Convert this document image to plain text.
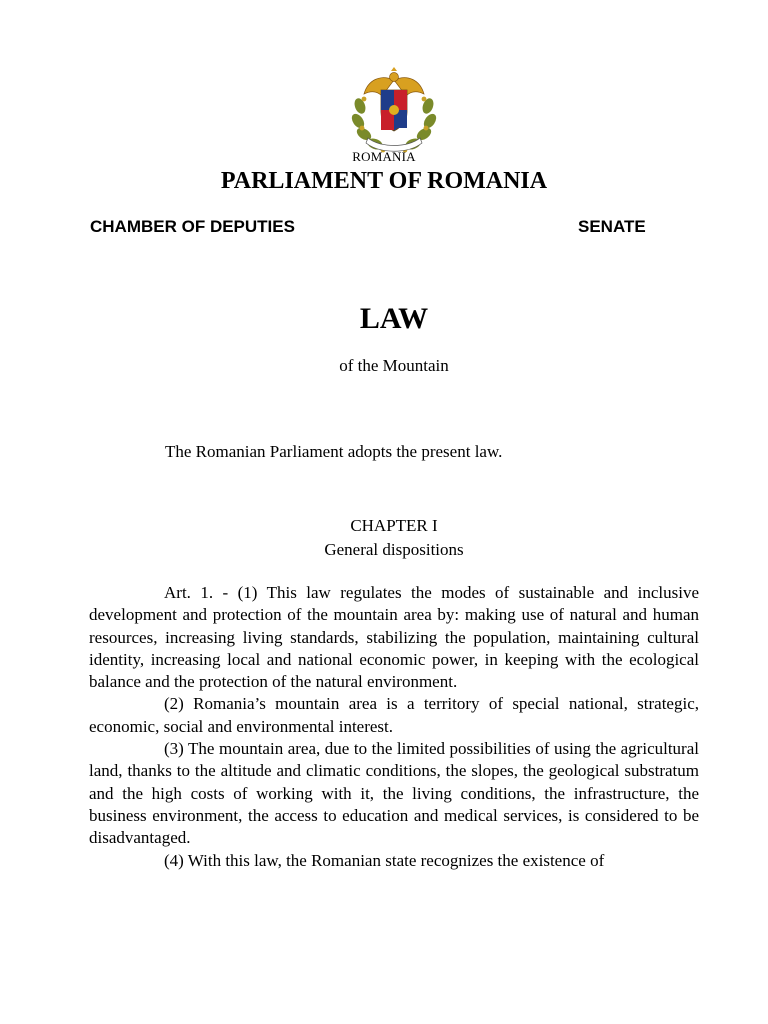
ROMANIA
PARLIAMENT OF ROMANIA
CHAMBER OF DEPUTIES	SENATE
LAW
of the Mountain
The Romanian Parliament adopts the present law.
CHAPTER I
General dispositions

Art. 1. - (1) This law regulates the modes of sustainable and inclusive development and protection of the mountain area by: making use of natural and human resources, increasing living standards, stabilizing the population, maintaining cultural identity, increasing local and national economic power, in keeping with the ecological balance and the protection of the natural environment.

(2) Romania’s mountain area is a territory of special national, strategic, economic, social and environmental interest.

(3) The mountain area, due to the limited possibilities of using the agricultural land, thanks to the altitude and climatic conditions, the slopes, the geological substratum and the high costs of working with it, the living conditions, the infrastructure, the business environment, the access to education and medical services, is considered to be disadvantaged.

(4) With this law, the Romanian state recognizes the existence of
